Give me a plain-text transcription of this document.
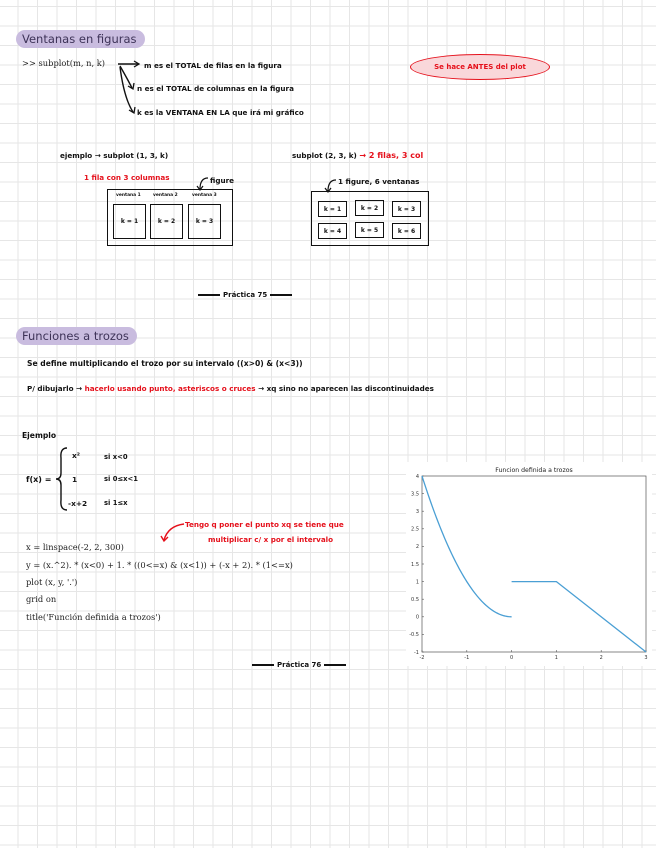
Ventanas en figuras
>> subplot(m, n, k)	m es el TOTAL de filas en la figura
n es el TOTAL de columnas en la figura
k es la VENTANA EN LA que irá mi gráfico
Se hace ANTES del plot
ejemplo → subplot (1, 3, k)
1 fila con 3 columnas	figure
ventana 1	ventana 2	ventana 3
k = 1	k = 2	k = 3
subplot (2, 3, k) → 2 filas, 3 col
1 figure, 6 ventanas
k = 1	k = 2	k = 3
k = 4	k = 5	k = 6
Práctica 75
Funciones a trozos
Se define multiplicando el trozo por su intervalo ((x>0) & (x<3))
P/ dibujarlo → hacerlo usando punto, asteriscos o cruces → xq sino no aparecen las discontinuidades
Ejemplo
f(x) =
x²	si x<0
1	si 0≤x<1
-x+2 si 1≤x
Tengo q poner el punto xq se tiene que
multiplicar c/ x por el intervalo
x = linspace(-2, 2, 300)
y = (x.^2). * (x<0) + 1. * ((0<=x) & (x<1)) + (-x + 2). * (1<=x)
plot (x, y, '.')
grid on
title('Función definida a trozos')
Funcion definida a trozos
-2	-1	0	1	2	3
-1
-0.5
0
0.5
1
1.5
2
2.5
3
3.5
4
Práctica 76
